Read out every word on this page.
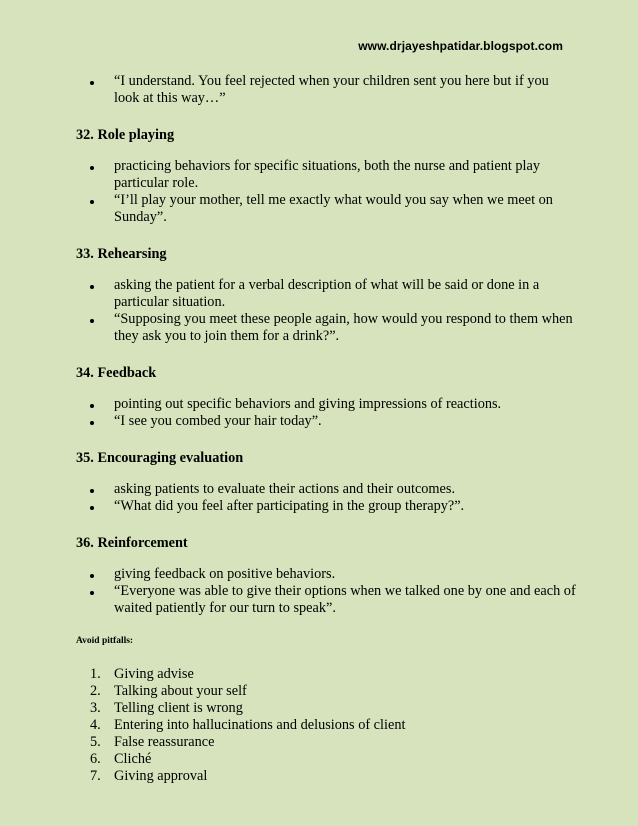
www.drjayeshpatidar.blogspot.com
“I understand. You feel rejected when your children sent you here but if you look at this way…”
32. Role playing
practicing behaviors for specific situations, both the nurse and patient play particular role.
“I’ll play your mother, tell me exactly what would you say when we meet on Sunday”.
33. Rehearsing
asking the patient for a verbal description of what will be said or done in a particular situation.
“Supposing you meet these people again, how would you respond to them when they ask you to join them for a drink?”.
34. Feedback
pointing out specific behaviors and giving impressions of reactions.
“I see you combed your hair today”.
35. Encouraging evaluation
asking patients to evaluate their actions and their outcomes.
“What did you feel after participating in the group therapy?”.
36. Reinforcement
giving feedback on positive behaviors.
“Everyone was able to give their options when we talked one by one and each of waited patiently for our turn to speak”.
Avoid pitfalls:
1. Giving advise
2. Talking about your self
3. Telling client is wrong
4. Entering into hallucinations and delusions of client
5. False reassurance
6. Cliché
7. Giving approval
